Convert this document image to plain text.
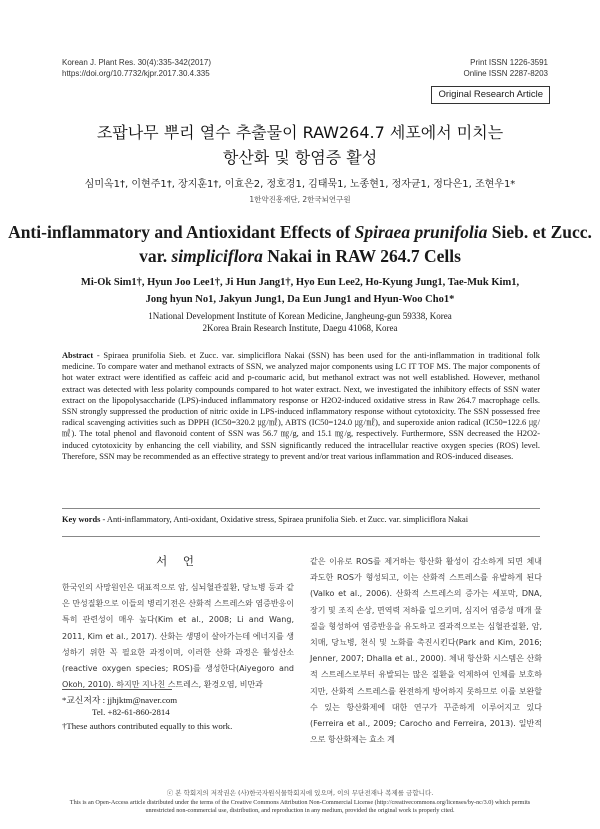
Korean J. Plant Res. 30(4):335-342(2017)
https://doi.org/10.7732/kjpr.2017.30.4.335
Print ISSN 1226-3591
Online ISSN 2287-8203
Original Research Article
조팝나무 뿌리 열수 추출물이 RAW264.7 세포에서 미치는
항산화 및 항염증 활성
심미옥1†, 이현주1†, 장지훈1†, 이효은2, 정호경1, 김태묵1, 노종현1, 정자균1, 정다은1, 조현우1*
1한약진흥재단, 2한국뇌연구원
Anti-inflammatory and Antioxidant Effects of Spiraea prunifolia Sieb. et Zucc. var. simpliciflora Nakai in RAW 264.7 Cells
Mi-Ok Sim1†, Hyun Joo Lee1†, Ji Hun Jang1†, Hyo Eun Lee2, Ho-Kyung Jung1, Tae-Muk Kim1,
Jong hyun No1, Jakyun Jung1, Da Eun Jung1 and Hyun-Woo Cho1*
1National Development Institute of Korean Medicine, Jangheung-gun 59338, Korea
2Korea Brain Research Institute, Daegu 41068, Korea

Abstract - Spiraea prunifolia Sieb. et Zucc. var. simpliciflora Nakai (SSN) has been used for the anti-inflammation in traditional folk medicine. To compare water and methanol extracts of SSN, we analyzed major components using LC IT TOF MS. The major components of hot water extract were identified as caffeic acid and p-coumaric acid, but methanol extract was not well established. However, methanol extract was detected with less polarity compounds compared to hot water extract. Next, we investigated the inhibitory effects of SSN water extract on the lipopolysaccharide (LPS)-induced inflammatory response or H2O2-induced oxidative stress in Raw 264.7 macrophage cells. SSN strongly suppressed the production of nitric oxide in LPS-induced inflammatory response without cytotoxicity. The SSN possessed free radical scavenging activities such as DPPH (IC50=320.2 ㎍/㎖), ABTS (IC50=124.0 ㎍/㎖), and superoxide anion radical (IC50=122.6 ㎍/㎖). The total phenol and flavonoid content of SSN was 56.7 ㎎/g, and 15.1 ㎎/g, respectively. Furthermore, SSN decreased the H2O2-induced cytotoxicity by enhancing the cell viability, and SSN significantly reduced the intracellular reactive oxygen species (ROS) level. Therefore, SSN may be recommended as an effective strategy to prevent and/or treat various inflammation and ROS-induced diseases.

Key words - Anti-inflammatory, Anti-oxidant, Oxidative stress, Spiraea prunifolia Sieb. et Zucc. var. simpliciflora Nakai

서 언

한국인의 사망원인은 대표적으로 암, 심뇌혈관질환, 당뇨병 등과 같은 만성질환으로 이들의 병리기전은 산화적 스트레스와 염증반응이 특히 관련성이 매우 높다(Kim et al., 2008; Li and Wang, 2011, Kim et al., 2017). 산화는 생명이 살아가는데 에너지를 생성하기 위한 꼭 필요한 과정이며, 이러한 산화 과정은 활성산소(reactive oxygen species; ROS)를 생성한다(Aiyegoro and Okoh, 2010). 하지만 지나친 스트레스, 환경오염, 비만과

같은 이유로 ROS를 제거하는 항산화 활성이 감소하게 되면 체내 과도한 ROS가 형성되고, 이는 산화적 스트레스를 유발하게 된다(Valko et al., 2006). 산화적 스트레스의 증가는 세포막, DNA, 장기 및 조직 손상, 면역력 저하를 일으키며, 심지어 염증성 매개 물질을 형성하여 염증반응을 유도하고 결과적으로는 심혈관질환, 암, 치매, 당뇨병, 천식 및 노화를 촉진시킨다(Park and Kim, 2016; Jenner, 2007; Dhalla et al., 2000). 체내 항산화 시스템은 산화적 스트레스로부터 유발되는 많은 질환을 억제하여 인체를 보호하지만, 산화적 스트레스를 완전하게 방어하지 못하므로 이를 보완할 수 있는 항산화제에 대한 연구가 꾸준하게 이루어지고 있다(Ferreira et al., 2009; Carocho and Ferreira, 2013). 일반적으로 항산화제는 효소 계

*교신저자 : jjhjktm@naver.com

Tel. +82-61-860-2814

†These authors contributed equally to this work.

ⓒ 본 학회지의 저작권은 (사)한국자원식물학회지에 있으며, 이의 무단전재나 복제를 금합니다.

This is an Open-Access article distributed under the terms of the Creative Commons Attribution Non-Commercial License (http://creativecommons.org/licenses/by-nc/3.0) which permits unrestricted non-commercial use, distribution, and reproduction in any medium, provided the original work is properly cited.
